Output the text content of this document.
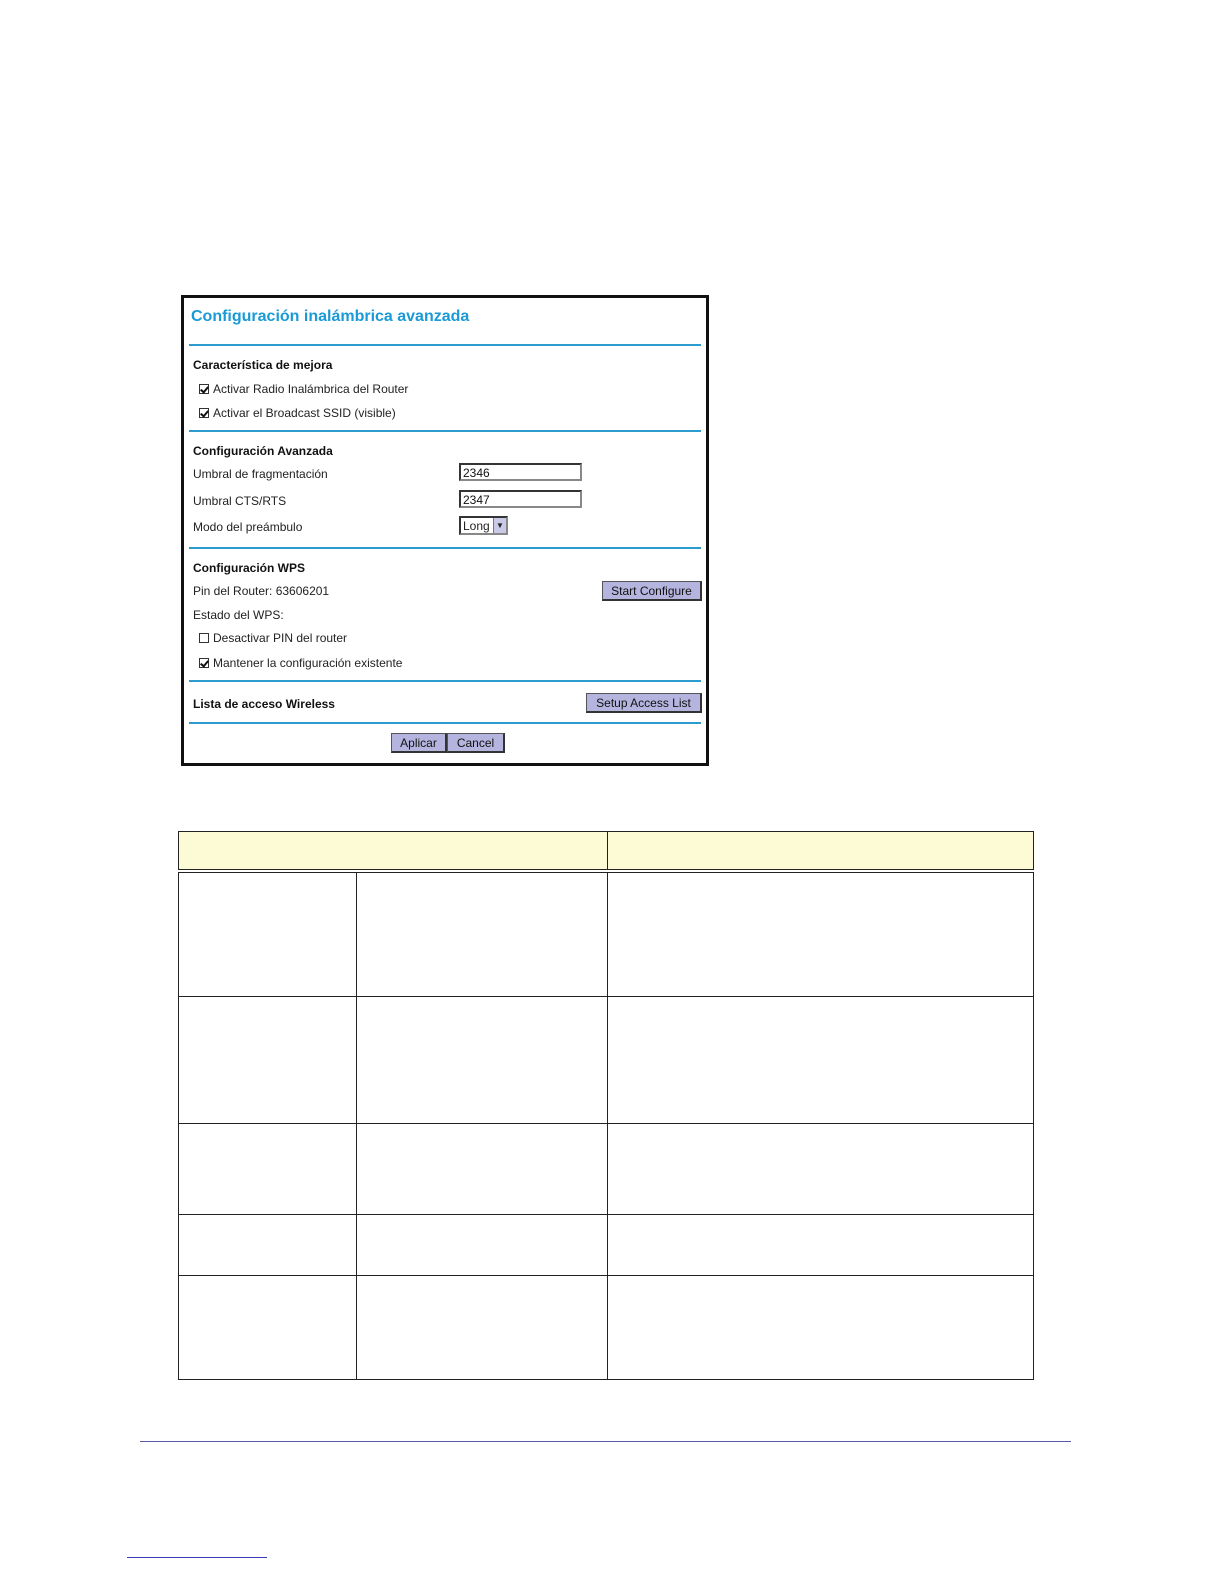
Configuración inalámbrica avanzada
Característica de mejora
Activar Radio Inalámbrica del Router
Activar el Broadcast SSID (visible)
Configuración Avanzada
Umbral de fragmentación	2346
Umbral CTS/RTS	2347
Modo del preámbulo	Long ▼
Configuración WPS
Pin del Router: 63606201	Start Configure
Estado del WPS:
Desactivar PIN del router
Mantener la configuración existente
Lista de acceso Wireless	Setup Access List
Aplicar	Cancel
